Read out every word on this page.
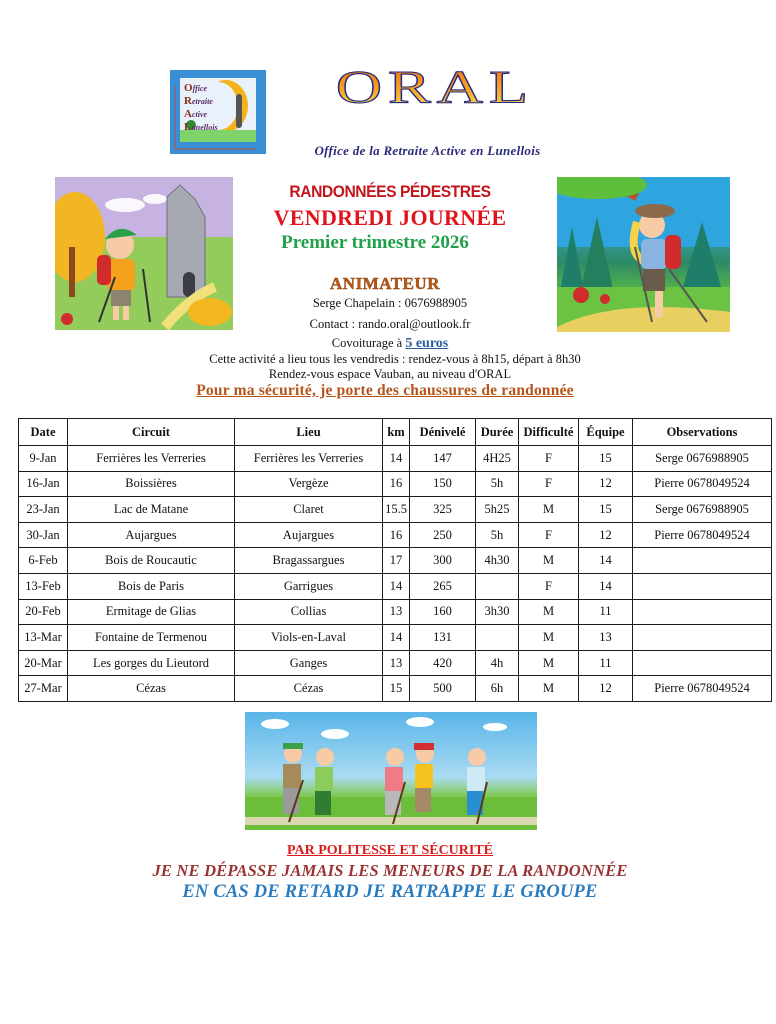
Office
Retraite
Active
Lunellois
ORAL
Office de la Retraite Active en Lunellois
RANDONNÉES PÉDESTRES
VENDREDI JOURNÉE
Premier trimestre 2026
ANIMATEUR
Serge Chapelain : 0676988905
Contact : rando.oral@outlook.fr
Covoiturage à 5 euros
Cette activité a lieu tous les vendredis : rendez-vous à 8h15, départ à 8h30
Rendez-vous espace Vauban, au niveau d'ORAL
Pour ma sécurité, je porte des chaussures de randonnée
Date	Circuit	Lieu	km	Dénivelé	Durée	Difficulté	Équipe	Observations
9-Jan	Ferrières les Verreries	Ferrières les Verreries	14	147	4H25	F	15	Serge 0676988905
16-Jan	Boissières	Vergèze	16	150	5h	F	12	Pierre 0678049524
23-Jan	Lac de Matane	Claret	15.5	325	5h25	M	15	Serge 0676988905
30-Jan	Aujargues	Aujargues	16	250	5h	F	12	Pierre 0678049524
6-Feb	Bois de Roucautic	Bragassargues	17	300	4h30	M	14	
13-Feb	Bois de Paris	Garrigues	14	265		F	14	
20-Feb	Ermitage de Glias	Collias	13	160	3h30	M	11	
13-Mar	Fontaine de Termenou	Viols-en-Laval	14	131		M	13	
20-Mar	Les gorges du Lieutord	Ganges	13	420	4h	M	11	
27-Mar	Cézas	Cézas	15	500	6h	M	12	Pierre 0678049524
PAR POLITESSE ET SÉCURITÉ
JE NE DÉPASSE JAMAIS LES MENEURS DE LA RANDONNÉE
EN CAS DE RETARD JE RATRAPPE LE GROUPE
